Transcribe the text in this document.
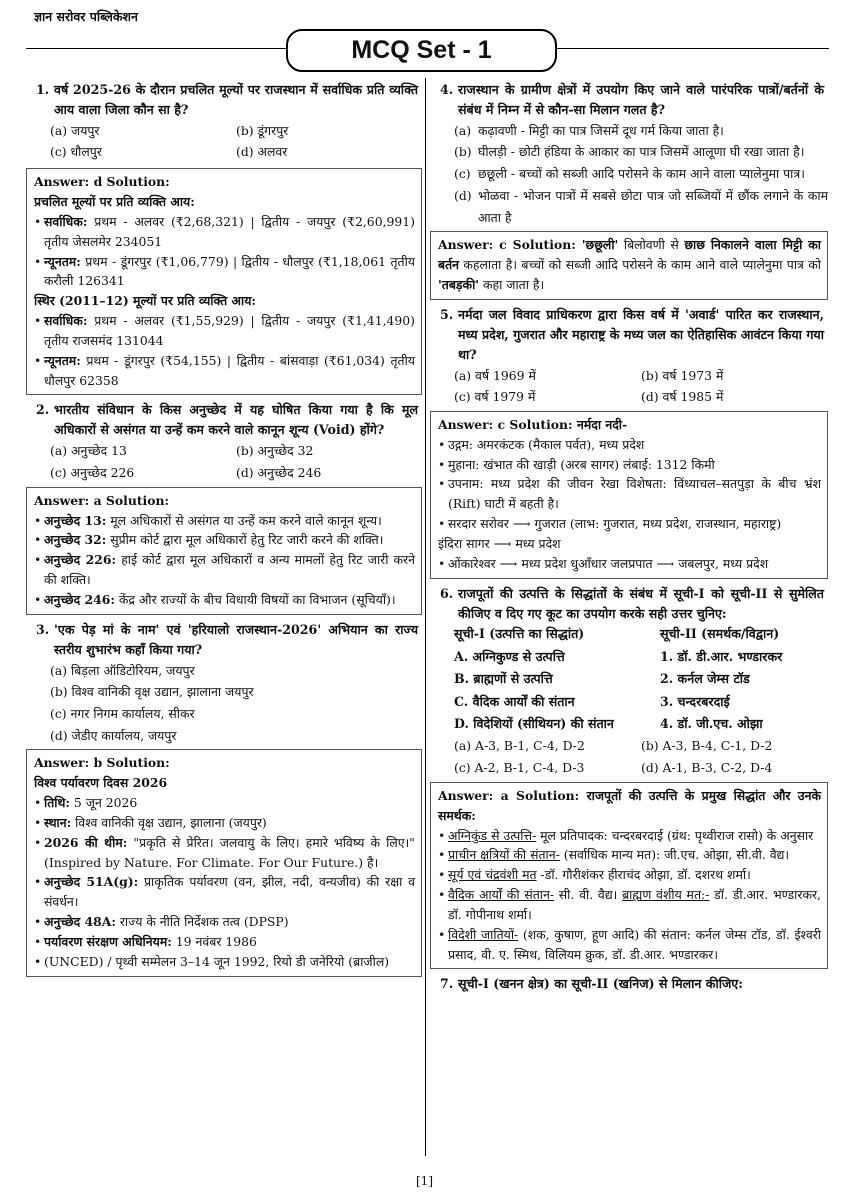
ज्ञान सरोवर पब्लिकेशन
MCQ Set - 1
1. वर्ष 2025-26 के दौरान प्रचलित मूल्यों पर राजस्थान में सर्वाधिक प्रति व्यक्ति आय वाला जिला कौन सा है?
(a) जयपुर	(b) डूंगरपुर
(c) धौलपुर	(d) अलवर
Answer: d Solution:
प्रचलित मूल्यों पर प्रति व्यक्ति आय:
• सर्वाधिक: प्रथम - अलवर (₹2,68,321) | द्वितीय - जयपुर (₹2,60,991) तृतीय जेसलमेर 234051
• न्यूनतम: प्रथम - डूंगरपुर (₹1,06,779) | द्वितीय - धौलपुर (₹1,18,061 तृतीय करौली 126341
स्थिर (2011–12) मूल्यों पर प्रति व्यक्ति आय:
• सर्वाधिक: प्रथम - अलवर (₹1,55,929) | द्वितीय - जयपुर (₹1,41,490) तृतीय राजसमंद 131044
• न्यूनतम: प्रथम - डूंगरपुर (₹54,155) | द्वितीय - बांसवाड़ा (₹61,034) तृतीय धौलपुर 62358
2. भारतीय संविधान के किस अनुच्छेद में यह घोषित किया गया है कि मूल अधिकारों से असंगत या उन्हें कम करने वाले कानून शून्य (Void) होंगे?
(a) अनुच्छेद 13	(b) अनुच्छेद 32
(c) अनुच्छेद 226	(d) अनुच्छेद 246
Answer: a Solution:
• अनुच्छेद 13: मूल अधिकारों से असंगत या उन्हें कम करने वाले कानून शून्य।
• अनुच्छेद 32: सुप्रीम कोर्ट द्वारा मूल अधिकारों हेतु रिट जारी करने की शक्ति।
• अनुच्छेद 226: हाई कोर्ट द्वारा मूल अधिकारों व अन्य मामलों हेतु रिट जारी करने की शक्ति।
• अनुच्छेद 246: केंद्र और राज्यों के बीच विधायी विषयों का विभाजन (सूचियाँ)।
3. 'एक पेड़ मां के नाम' एवं 'हरियालो राजस्थान-2026' अभियान का राज्य स्तरीय शुभारंभ कहाँ किया गया?
(a) बिड़ला ऑडिटोरियम, जयपुर
(b) विश्व वानिकी वृक्ष उद्यान, झालाना जयपुर
(c) नगर निगम कार्यालय, सीकर
(d) जेडीए कार्यालय, जयपुर
Answer: b Solution:
विश्व पर्यावरण दिवस 2026
• तिथि: 5 जून 2026
• स्थान: विश्व वानिकी वृक्ष उद्यान, झालाना (जयपुर)
• 2026 की थीम: "प्रकृति से प्रेरित। जलवायु के लिए। हमारे भविष्य के लिए।" (Inspired by Nature. For Climate. For Our Future.) है।
• अनुच्छेद 51A(g): प्राकृतिक पर्यावरण (वन, झील, नदी, वन्यजीव) की रक्षा व संवर्धन।
• अनुच्छेद 48A: राज्य के नीति निर्देशक तत्व (DPSP)
• पर्यावरण संरक्षण अधिनियम: 19 नवंबर 1986
• (UNCED) / पृथ्वी सम्मेलन 3–14 जून 1992, रियो डी जनेरियो (ब्राजील)
4. राजस्थान के ग्रामीण क्षेत्रों में उपयोग किए जाने वाले पारंपरिक पात्रों/बर्तनों के संबंध में निम्न में से कौन-सा मिलान गलत है?
(a) कढ़ावणी - मिट्टी का पात्र जिसमें दूध गर्म किया जाता है।
(b) घीलड़ी - छोटी हंडिया के आकार का पात्र जिसमें आलूणा घी रखा जाता है।
(c) छछूली - बच्चों को सब्जी आदि परोसने के काम आने वाला प्यालेनुमा पात्र।
(d) भोळवा - भोजन पात्रों में सबसे छोटा पात्र जो सब्जियों में छौंक लगाने के काम आता है
Answer: c Solution: 'छछूली' बिलोवणी से छाछ निकालने वाला मिट्टी का बर्तन कहलाता है। बच्चों को सब्जी आदि परोसने के काम आने वाले प्यालेनुमा पात्र को 'तबड़की' कहा जाता है।
5. नर्मदा जल विवाद प्राधिकरण द्वारा किस वर्ष में 'अवार्ड' पारित कर राजस्थान, मध्य प्रदेश, गुजरात और महाराष्ट्र के मध्य जल का ऐतिहासिक आवंटन किया गया था?
(a) वर्ष 1969 में	(b) वर्ष 1973 में
(c) वर्ष 1979 में	(d) वर्ष 1985 में
Answer: c Solution: नर्मदा नदी-
• उद्गम: अमरकंटक (मैकाल पर्वत), मध्य प्रदेश
• मुहाना: खंभात की खाड़ी (अरब सागर) लंबाई: 1312 किमी
• उपनाम: मध्य प्रदेश की जीवन रेखा विशेषता: विंध्याचल–सतपुड़ा के बीच भ्रंश (Rift) घाटी में बहती है।
• सरदार सरोवर ⟶ गुजरात (लाभ: गुजरात, मध्य प्रदेश, राजस्थान, महाराष्ट्र)
इंदिरा सागर ⟶ मध्य प्रदेश
• ओंकारेश्वर ⟶ मध्य प्रदेश धुआँधार जलप्रपात ⟶ जबलपुर, मध्य प्रदेश
6. राजपूतों की उत्पत्ति के सिद्धांतों के संबंध में सूची-I को सूची-II से सुमेलित कीजिए व दिए गए कूट का उपयोग करके सही उत्तर चुनिए:
सूची-I (उत्पत्ति का सिद्धांत)	सूची-II (समर्थक/विद्वान)
A. अग्निकुण्ड से उत्पत्ति	1. डॉ. डी.आर. भण्डारकर
B. ब्राह्मणों से उत्पत्ति	2. कर्नल जेम्स टॉड
C. वैदिक आर्यों की संतान	3. चन्दरबरदाई
D. विदेशियों (सीथियन) की संतान	4. डॉ. जी.एच. ओझा
(a) A-3, B-1, C-4, D-2	(b) A-3, B-4, C-1, D-2
(c) A-2, B-1, C-4, D-3	(d) A-1, B-3, C-2, D-4
Answer: a Solution: राजपूतों की उत्पत्ति के प्रमुख सिद्धांत और उनके समर्थक:
• अग्निकुंड से उत्पत्ति- मूल प्रतिपादक: चन्दरबरदाई (ग्रंथ: पृथ्वीराज रासो) के अनुसार
• प्राचीन क्षत्रियों की संतान- (सर्वाधिक मान्य मत): जी.एच. ओझा, सी.वी. वैद्य।
• सूर्य एवं चंद्रवंशी मत -डॉ. गौरीशंकर हीराचंद ओझा, डॉ. दशरथ शर्मा।
• वैदिक आर्यों की संतान- सी. वी. वैद्य। ब्राह्मण वंशीय मत:- डॉ. डी.आर. भण्डारकर, डॉ. गोपीनाथ शर्मा।
• विदेशी जातियों- (शक, कुषाण, हूण आदि) की संतान: कर्नल जेम्स टॉड, डॉ. ईश्वरी प्रसाद, वी. ए. स्मिथ, विलियम क्रुक, डॉ. डी.आर. भण्डारकर।
7. सूची-I (खनन क्षेत्र) का सूची-II (खनिज) से मिलान कीजिए:
[1]
